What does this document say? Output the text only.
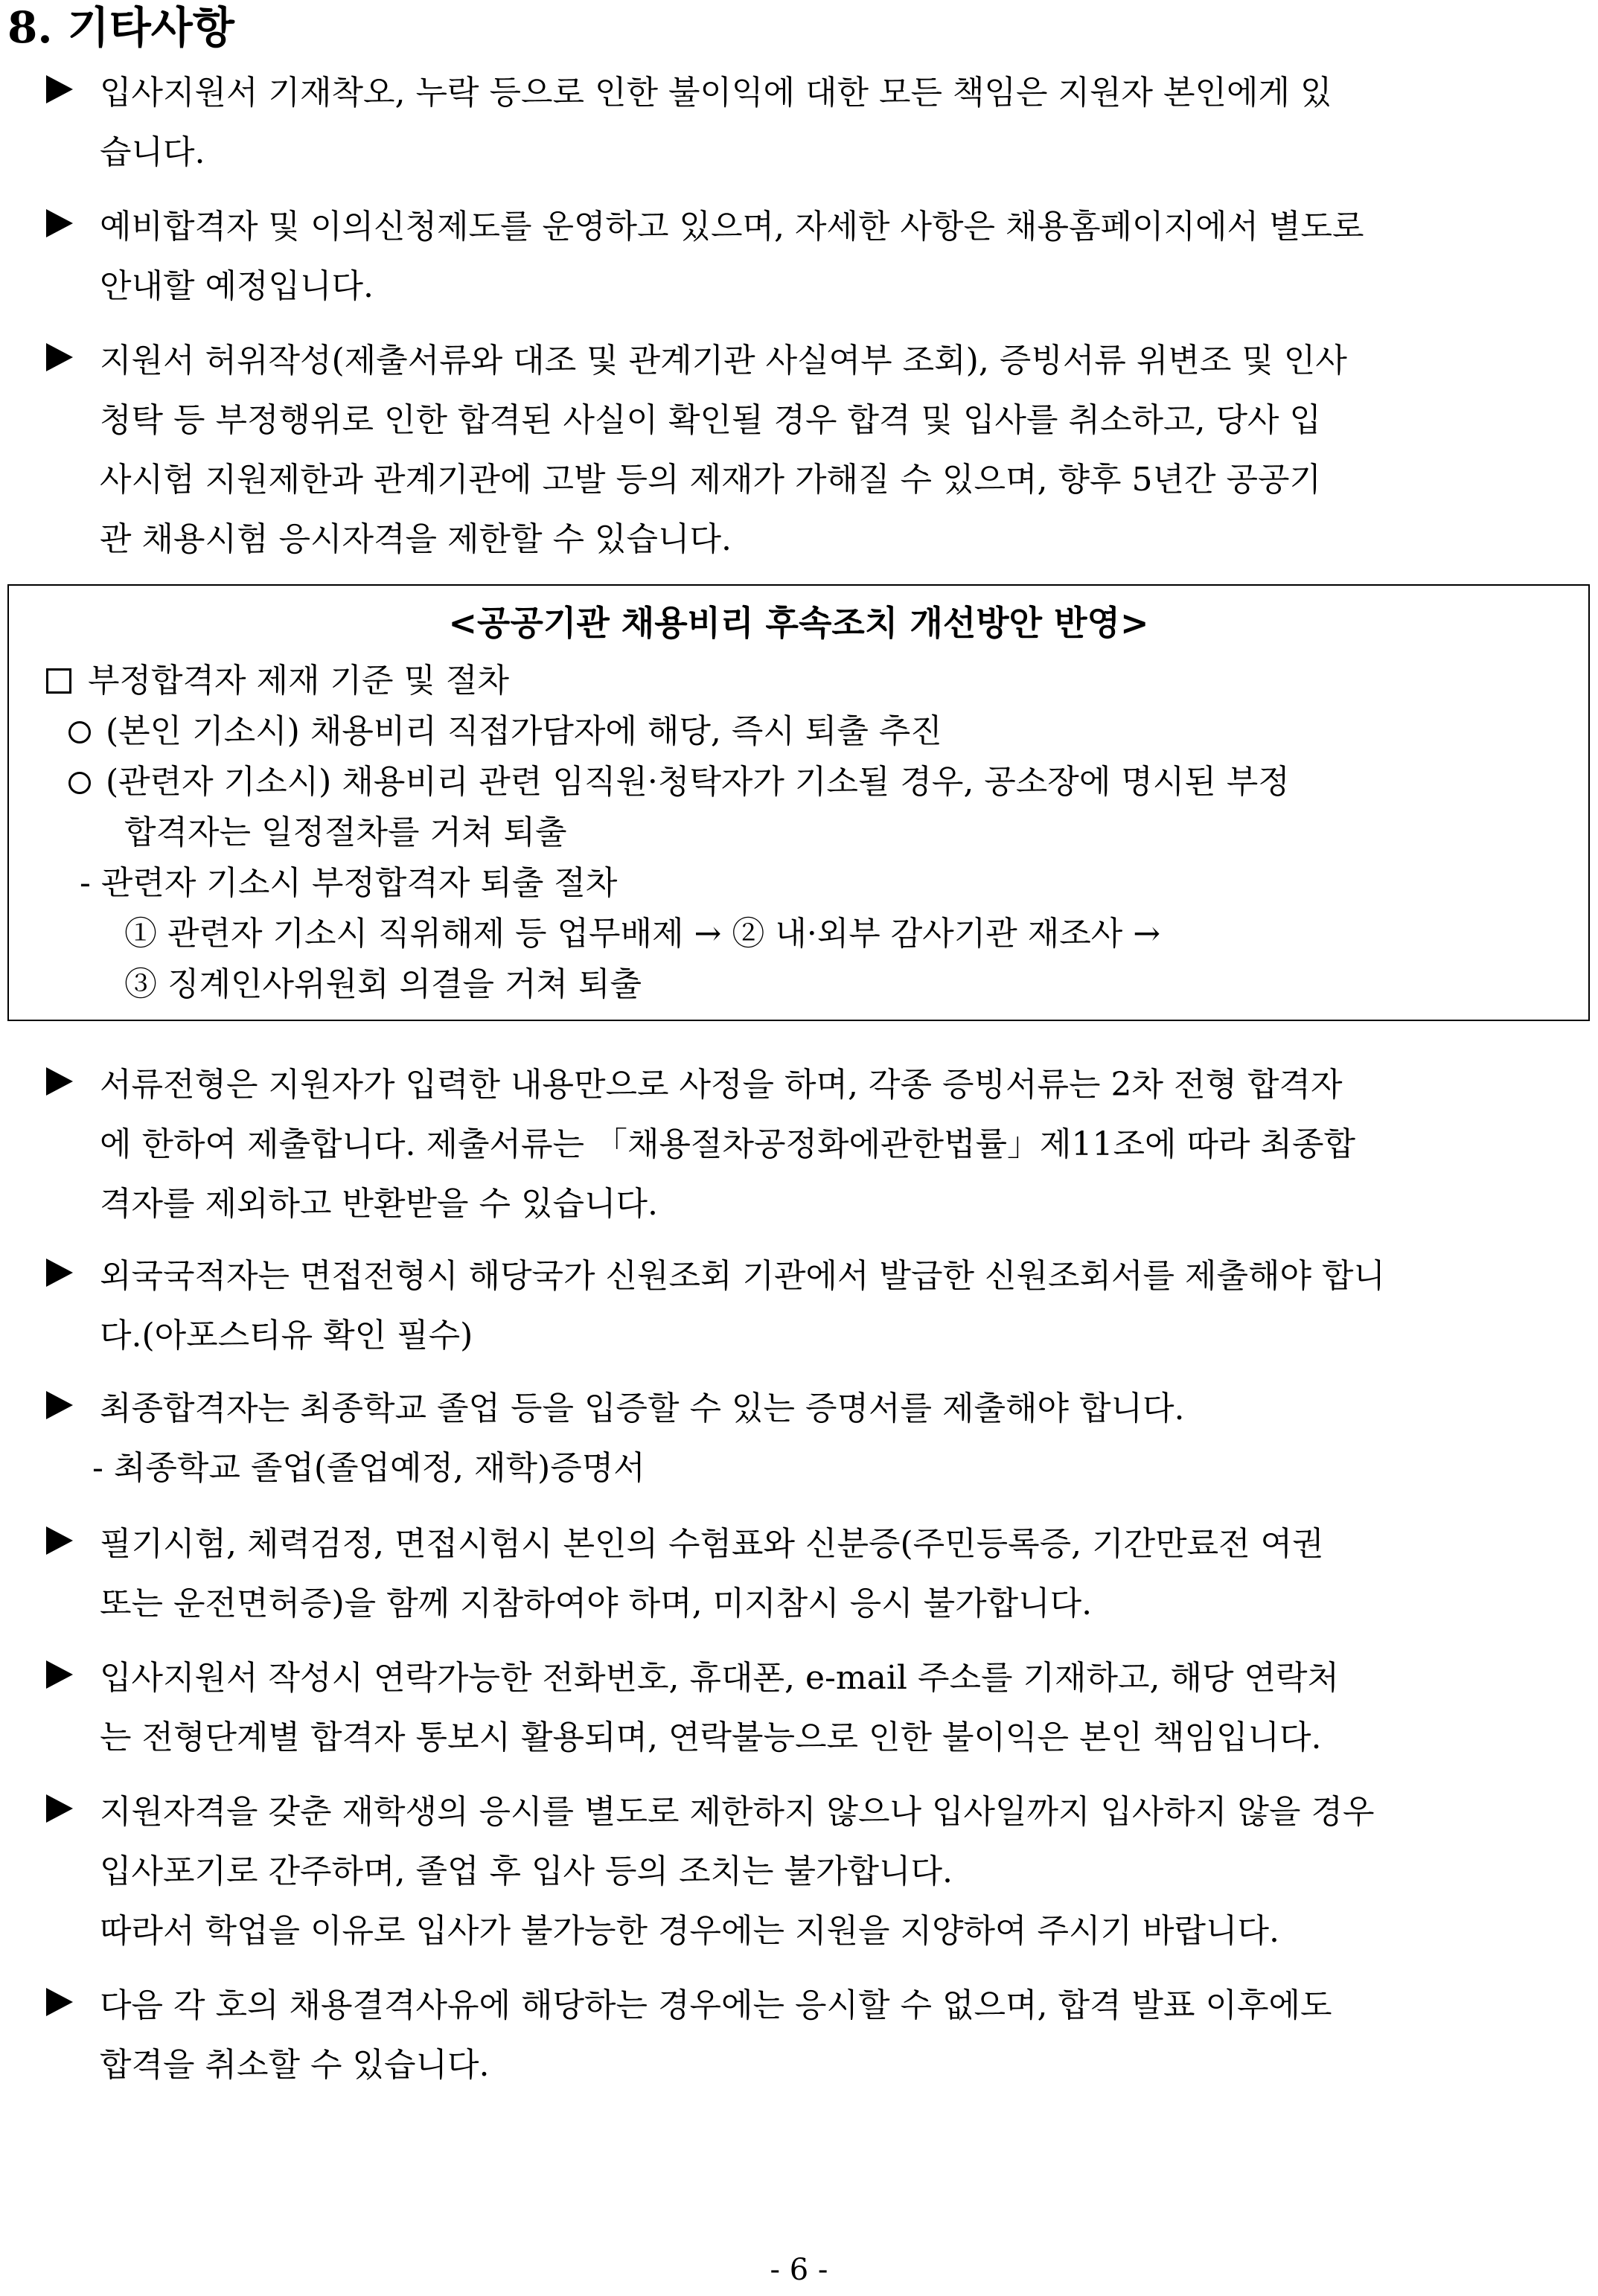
8. 기타사항
입사지원서 기재착오, 누락 등으로 인한 불이익에 대한 모든 책임은 지원자 본인에게 있
습니다.
예비합격자 및 이의신청제도를 운영하고 있으며, 자세한 사항은 채용홈페이지에서 별도로
안내할 예정입니다.
지원서 허위작성(제출서류와 대조 및 관계기관 사실여부 조회), 증빙서류 위변조 및 인사
청탁 등 부정행위로 인한 합격된 사실이 확인될 경우 합격 및 입사를 취소하고, 당사 입
사시험 지원제한과 관계기관에 고발 등의 제재가 가해질 수 있으며, 향후 5년간 공공기
관 채용시험 응시자격을 제한할 수 있습니다.
<공공기관 채용비리 후속조치 개선방안 반영>
부정합격자 제재 기준 및 절차
(본인 기소시) 채용비리 직접가담자에 해당, 즉시 퇴출 추진
(관련자 기소시) 채용비리 관련 임직원·청탁자가 기소될 경우, 공소장에 명시된 부정
합격자는 일정절차를 거쳐 퇴출
- 관련자 기소시 부정합격자 퇴출 절차
① 관련자 기소시 직위해제 등 업무배제 → ② 내·외부 감사기관 재조사 →
③ 징계인사위원회 의결을 거쳐 퇴출
서류전형은 지원자가 입력한 내용만으로 사정을 하며, 각종 증빙서류는 2차 전형 합격자
에 한하여 제출합니다. 제출서류는 「채용절차공정화에관한법률」제11조에 따라 최종합
격자를 제외하고 반환받을 수 있습니다.
외국국적자는 면접전형시 해당국가 신원조회 기관에서 발급한 신원조회서를 제출해야 합니
다.(아포스티유 확인 필수)
최종합격자는 최종학교 졸업 등을 입증할 수 있는 증명서를 제출해야 합니다.
- 최종학교 졸업(졸업예정, 재학)증명서
필기시험, 체력검정, 면접시험시 본인의 수험표와 신분증(주민등록증, 기간만료전 여권
또는 운전면허증)을 함께 지참하여야 하며, 미지참시 응시 불가합니다.
입사지원서 작성시 연락가능한 전화번호, 휴대폰, e-mail 주소를 기재하고, 해당 연락처
는 전형단계별 합격자 통보시 활용되며, 연락불능으로 인한 불이익은 본인 책임입니다.
지원자격을 갖춘 재학생의 응시를 별도로 제한하지 않으나 입사일까지 입사하지 않을 경우
입사포기로 간주하며, 졸업 후 입사 등의 조치는 불가합니다.
따라서 학업을 이유로 입사가 불가능한 경우에는 지원을 지양하여 주시기 바랍니다.
다음 각 호의 채용결격사유에 해당하는 경우에는 응시할 수 없으며, 합격 발표 이후에도
합격을 취소할 수 있습니다.
- 6 -
